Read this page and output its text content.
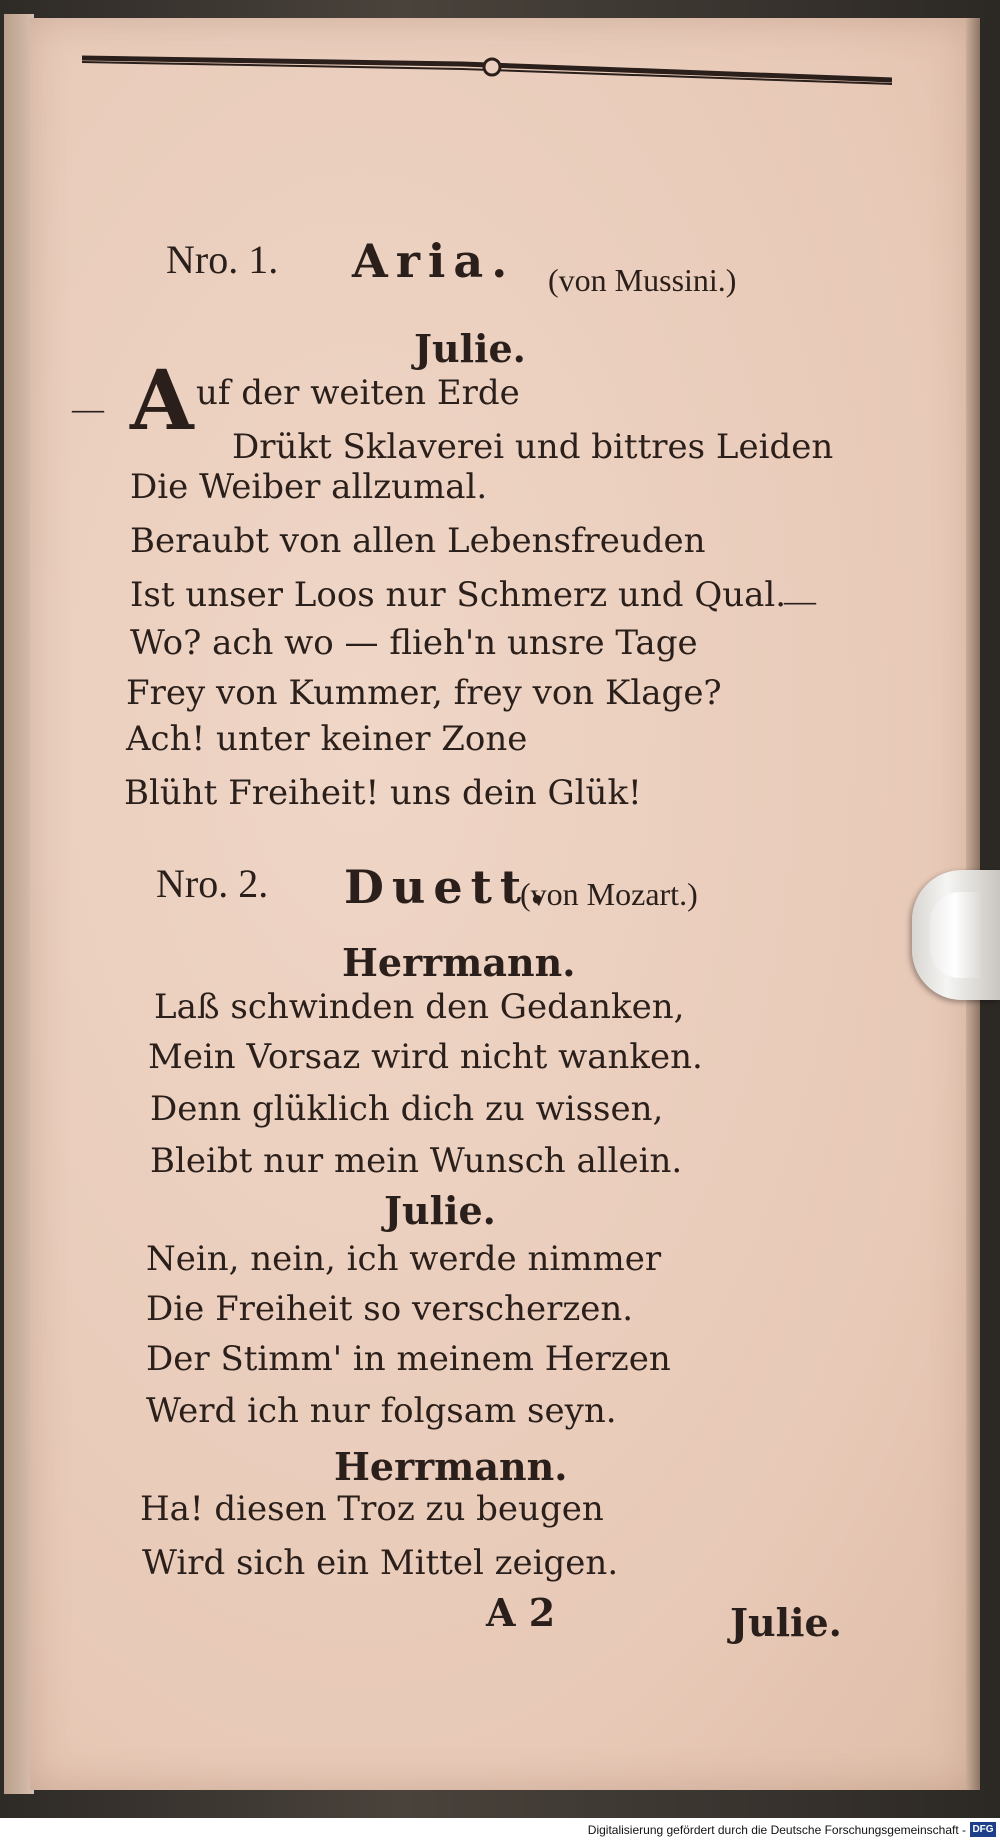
Nro. 1. Aria. (von Mussini.)
Julie.
— A uf der weiten Erde
Drükt Sklaverei und bittres Leiden
Die Weiber allzumal.
Beraubt von allen Lebensfreuden
Ist unser Loos nur Schmerz und Qual.
—
Wo? ach wo — flieh'n unsre Tage
Frey von Kummer, frey von Klage?
Ach! unter keiner Zone
Blüht Freiheit! uns dein Glük!
Nro. 2. Duett.
(von Mozart.)
Herrmann.
Laß schwinden den Gedanken,
Mein Vorsaz wird nicht wanken.
Denn glüklich dich zu wissen,
Bleibt nur mein Wunsch allein.
Julie.
Nein, nein, ich werde nimmer
Die Freiheit so verscherzen.
Der Stimm' in meinem Herzen
Werd ich nur folgsam seyn.
Herrmann.
Ha! diesen Troz zu beugen
Wird sich ein Mittel zeigen.
A 2	Julie.
Digitalisierung gefördert durch die Deutsche Forschungsgemeinschaft - DFG
